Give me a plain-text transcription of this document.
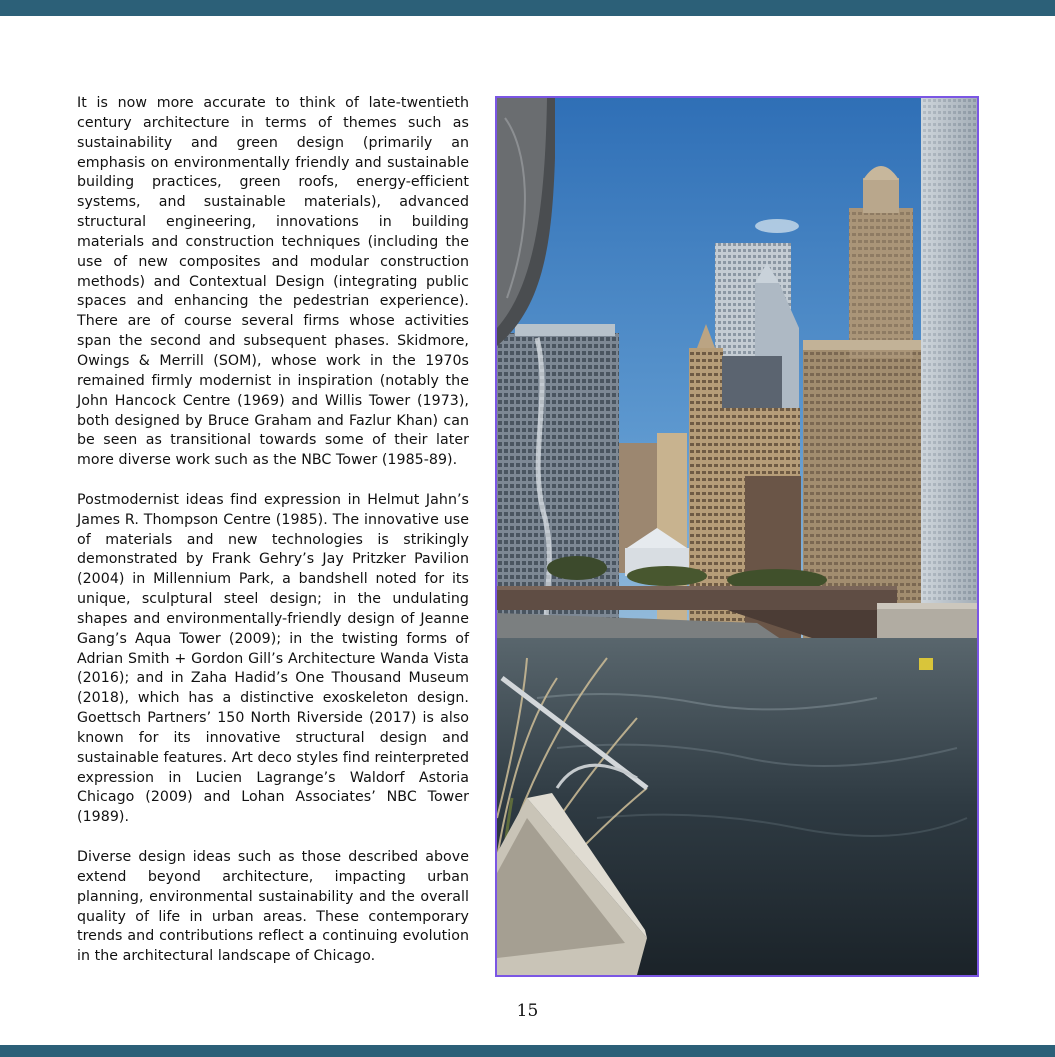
It is now more accurate to think of late-twentieth century architecture in terms of themes such as sustainability and green design (primarily an emphasis on environmentally friendly and sustainable building practices, green roofs, energy-efficient systems, and sustainable materials), advanced structural engineering, innovations in building materials and construction techniques (including the use of new composites and modular construction methods) and Contextual Design (integrating public spaces and enhancing the pedestrian experience). There are of course several firms whose activities span the second and subsequent phases. Skidmore, Owings & Merrill (SOM), whose work in the 1970s remained firmly modernist in inspiration (notably the John Hancock Centre (1969) and Willis Tower (1973), both designed by Bruce Graham and Fazlur Khan) can be seen as transitional towards some of their later more diverse work such as the NBC Tower (1985-89).

Postmodernist ideas find expression in Helmut Jahn’s James R. Thompson Centre (1985). The innovative use of materials and new technologies is strikingly demonstrated by Frank Gehry’s Jay Pritzker Pavilion (2004) in Millennium Park, a bandshell noted for its unique, sculptural steel design; in the undulating shapes and environmentally-friendly design of Jeanne Gang’s Aqua Tower (2009); in the twisting forms of Adrian Smith + Gordon Gill’s Architecture Wanda Vista (2016); and in Zaha Hadid’s One Thousand Museum (2018), which has a distinctive exoskeleton design. Goettsch Partners’ 150 North Riverside (2017) is also known for its innovative structural design and sustainable features. Art deco styles find reinterpreted expression in Lucien Lagrange’s Waldorf Astoria Chicago (2009) and Lohan Associates’ NBC Tower (1989).

Diverse design ideas such as those described above extend beyond architecture, impacting urban planning, environmental sustainability and the overall quality of life in urban areas. These contemporary trends and contributions reflect a continuing evolution in the architectural landscape of Chicago.

15
